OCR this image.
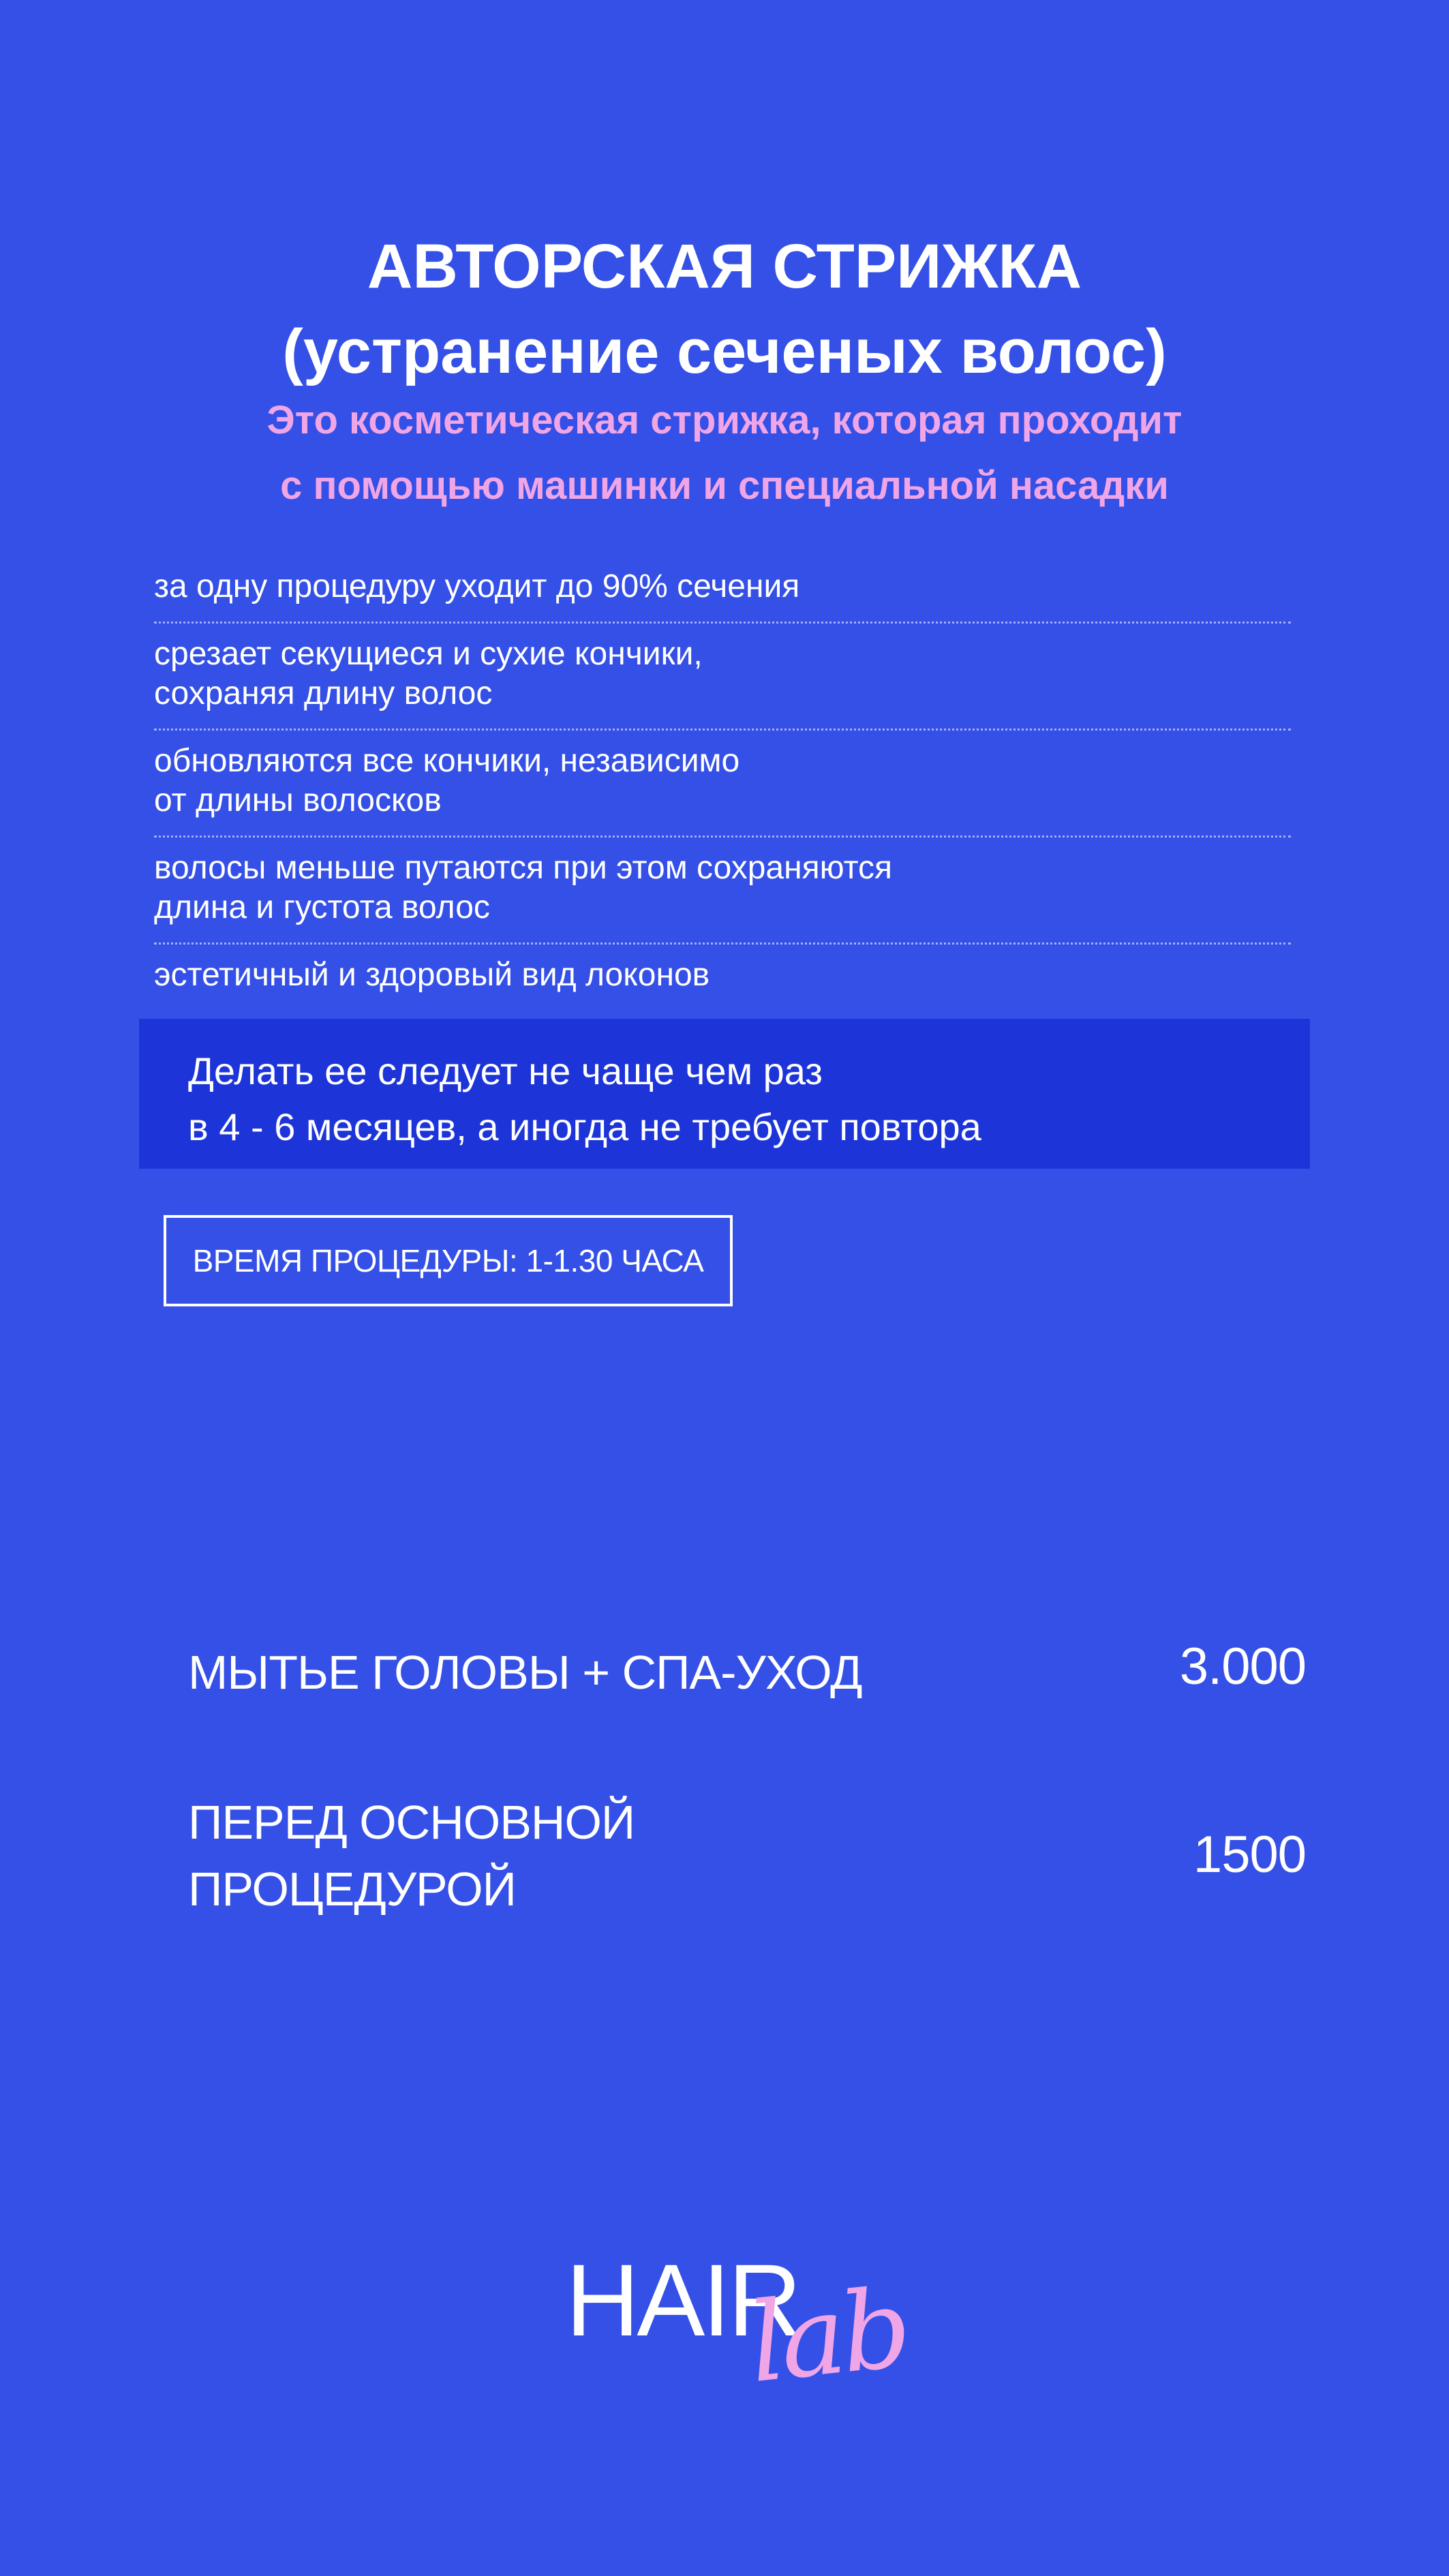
АВТОРСКАЯ СТРИЖКА
(устранение сеченых волос)
Это косметическая стрижка, которая проходит
с помощью машинки и специальной насадки
за одну процедуру уходит до 90% сечения
срезает секущиеся и сухие кончики,
сохраняя длину волос
обновляются все кончики, независимо
от длины волосков
волосы меньше путаются при этом сохраняются
длина и густота волос
эстетичный и здоровый вид локонов
Делать ее следует не чаще чем раз
в 4 - 6 месяцев, а иногда не требует повтора
ВРЕМЯ ПРОЦЕДУРЫ: 1-1.30 ЧАСА
МЫТЬЕ ГОЛОВЫ + СПА-УХОД	3.000
ПЕРЕД ОСНОВНОЙ
ПРОЦЕДУРОЙ
1500
HAIR
lab
